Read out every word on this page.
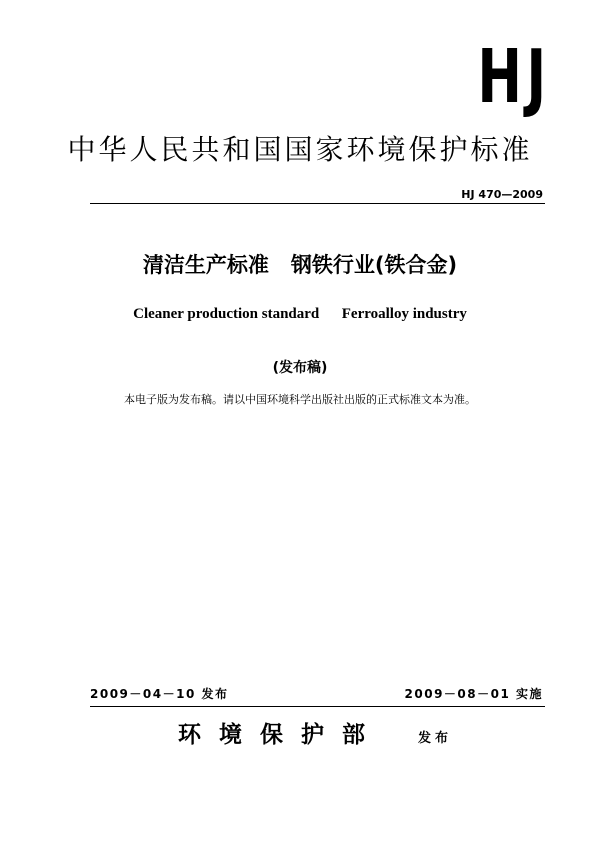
HJ
中华人民共和国国家环境保护标准
HJ 470—2009
清洁生产标准   钢铁行业(铁合金)
Cleaner production standard      Ferroalloy industry
(发布稿)
本电子版为发布稿。请以中国环境科学出版社出版的正式标准文本为准。
2009－04－10 发布	2009－08－01 实施
环境保护部	发布
